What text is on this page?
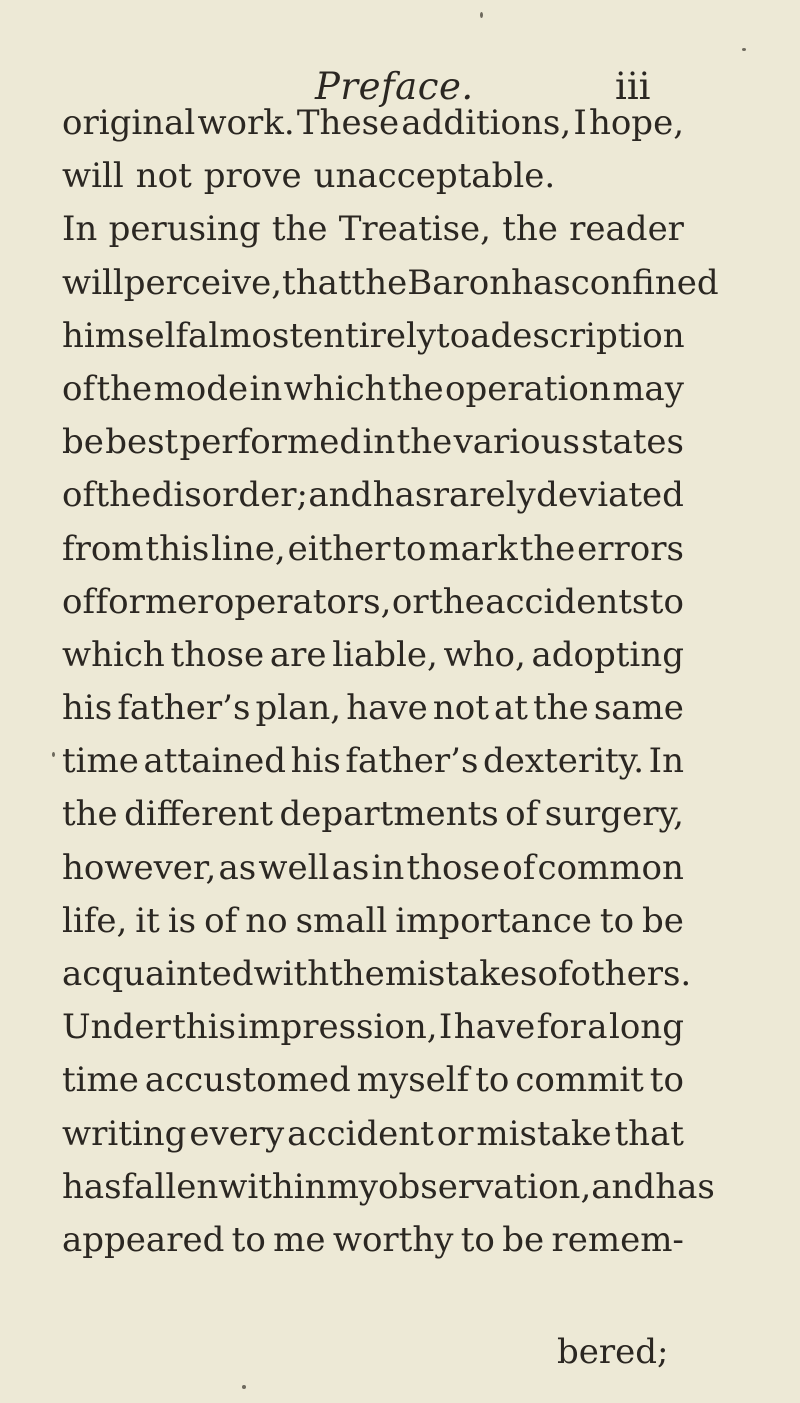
Preface.	iii
original work. These additions, I hope,
will not prove unacceptable.
In perusing the Treatise, the reader
will perceive, that the Baron has confined
himself almost entirely to a description
of the mode in which the operation may
be best performed in the various states
of the disorder; and has rarely deviated
from this line, either to mark the errors
of former operators, or the accidents to
which those are liable, who, adopting
his father’s plan, have not at the same
time attained his father’s dexterity. In
the different departments of surgery,
however, as well as in those of common
life, it is of no small importance to be
acquainted with the mistakes of others.
Under this impression, I have for a long
time accustomed myself to commit to
writing every accident or mistake that
has fallen within my observation, and has
appeared to me worthy to be remem-
bered;
